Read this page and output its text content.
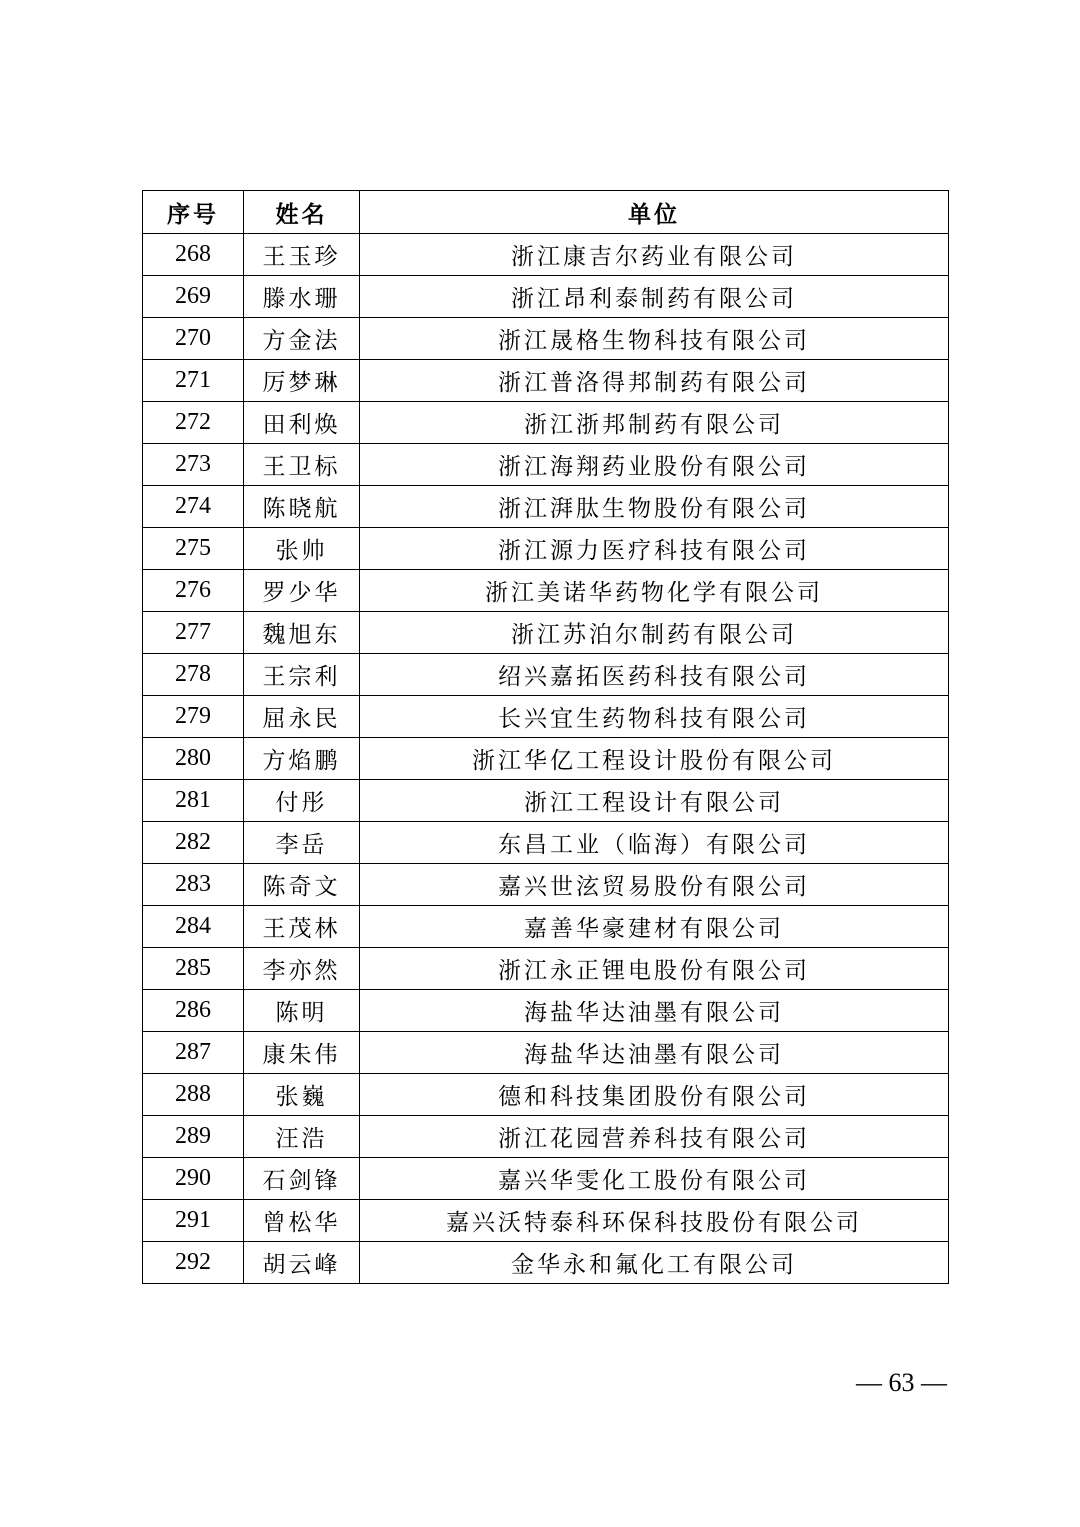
序号	姓名	单位
268	王玉珍	浙江康吉尔药业有限公司
269	滕水珊	浙江昂利泰制药有限公司
270	方金法	浙江晟格生物科技有限公司
271	厉梦琳	浙江普洛得邦制药有限公司
272	田利焕	浙江浙邦制药有限公司
273	王卫标	浙江海翔药业股份有限公司
274	陈晓航	浙江湃肽生物股份有限公司
275	张帅	浙江源力医疗科技有限公司
276	罗少华	浙江美诺华药物化学有限公司
277	魏旭东	浙江苏泊尔制药有限公司
278	王宗利	绍兴嘉拓医药科技有限公司
279	屈永民	长兴宜生药物科技有限公司
280	方焰鹏	浙江华亿工程设计股份有限公司
281	付彤	浙江工程设计有限公司
282	李岳	东昌工业（临海）有限公司
283	陈奇文	嘉兴世泫贸易股份有限公司
284	王茂林	嘉善华豪建材有限公司
285	李亦然	浙江永正锂电股份有限公司
286	陈明	海盐华达油墨有限公司
287	康朱伟	海盐华达油墨有限公司
288	张巍	德和科技集团股份有限公司
289	汪浩	浙江花园营养科技有限公司
290	石剑锋	嘉兴华雯化工股份有限公司
291	曾松华	嘉兴沃特泰科环保科技股份有限公司
292	胡云峰	金华永和氟化工有限公司
— 63 —
